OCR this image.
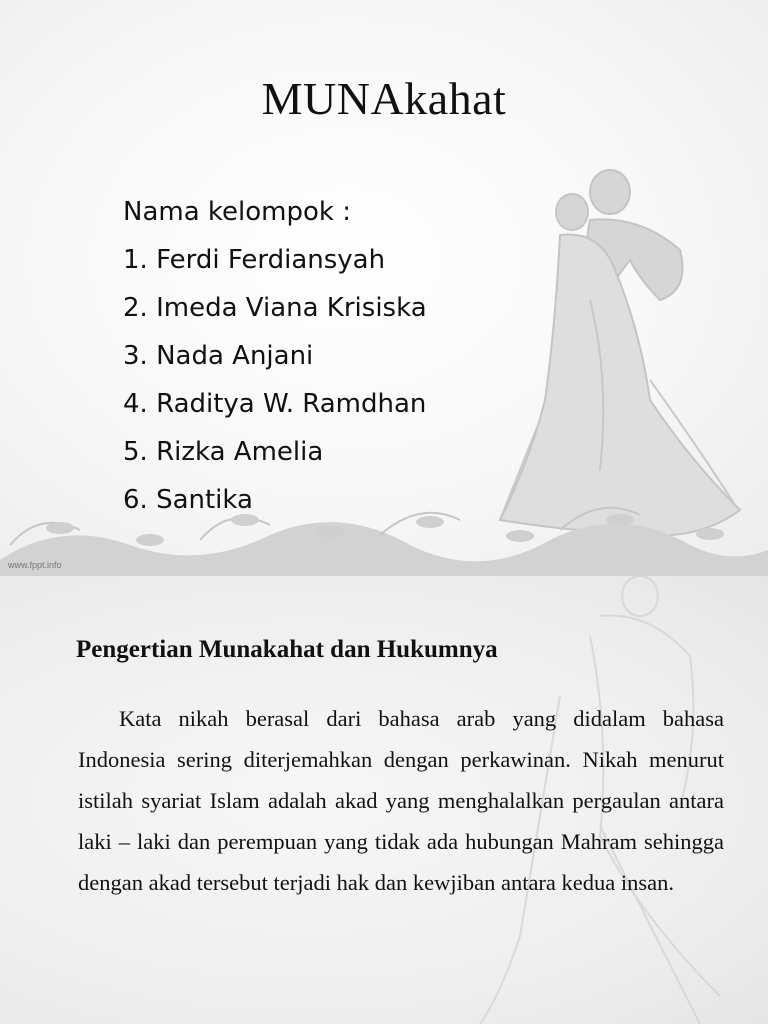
MUNAkahat
Nama kelompok :
1. Ferdi Ferdiansyah
2. Imeda Viana Krisiska
3. Nada Anjani
4. Raditya W. Ramdhan
5. Rizka Amelia
6. Santika
www.fppt.info
Pengertian Munakahat dan Hukumnya

Kata nikah berasal dari bahasa arab yang didalam bahasa Indonesia sering diterjemahkan dengan perkawinan. Nikah menurut istilah syariat Islam adalah akad yang menghalalkan pergaulan antara laki – laki dan perempuan yang tidak ada hubungan Mahram sehingga dengan akad tersebut terjadi hak dan kewjiban antara kedua insan.
